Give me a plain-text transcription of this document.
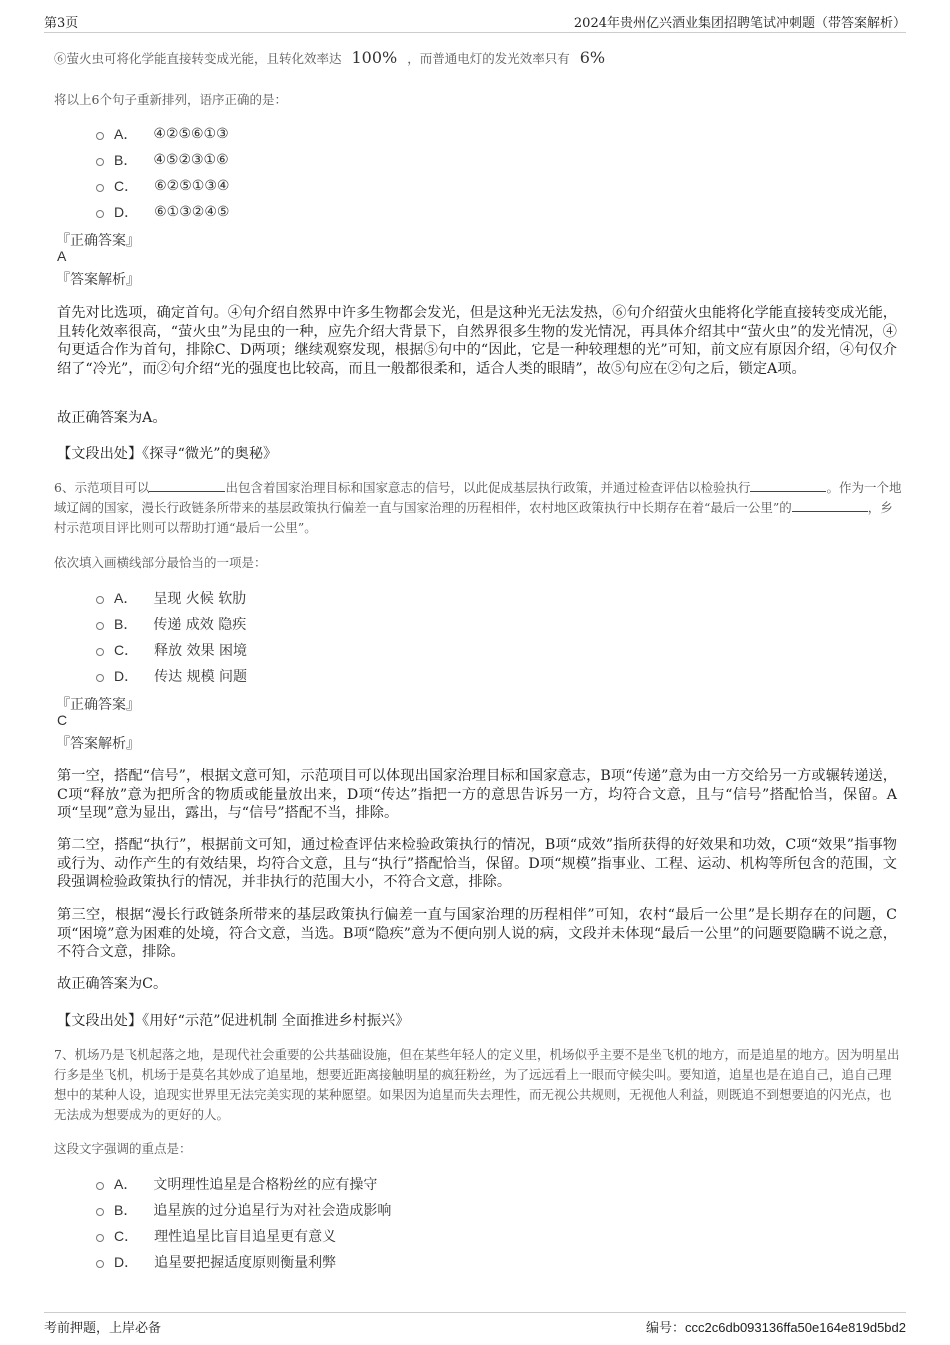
第3页	2024年贵州亿兴酒业集团招聘笔试冲刺题（带答案解析）
⑥萤火虫可将化学能直接转变成光能，且转化效率达 100% ，而普通电灯的发光效率只有 6%
将以上6个句子重新排列，语序正确的是：
A． ④②⑤⑥①③
B． ④⑤②③①⑥
C． ⑥②⑤①③④
D． ⑥①③②④⑤
『正确答案』
A
『答案解析』
首先对比选项，确定首句。④句介绍自然界中许多生物都会发光，但是这种光无法发热，⑥句介绍萤火虫能将化学能直接转变成光能，且转化效率很高，“萤火虫”为昆虫的一种，应先介绍大背景下，自然界很多生物的发光情况，再具体介绍其中“萤火虫”的发光情况，④句更适合作为首句，排除C、D两项；继续观察发现，根据⑤句中的“因此，它是一种较理想的光”可知，前文应有原因介绍，④句仅介绍了“冷光”，而②句介绍“光的强度也比较高，而且一般都很柔和，适合人类的眼睛”，故⑤句应在②句之后，锁定A项。
故正确答案为A。
【文段出处】《探寻“微光”的奥秘》
6、示范项目可以	出包含着国家治理目标和国家意志的信号，以此促成基层执行政策，并通过检查评估以检验执行	。作为一个地域辽阔的国家，漫长行政链条所带来的基层政策执行偏差一直与国家治理的历程相伴，农村地区政策执行中长期存在着“最后一公里”的	，乡村示范项目评比则可以帮助打通“最后一公里”。
依次填入画横线部分最恰当的一项是：
A． 呈现 火候 软肋
B． 传递 成效 隐疾
C． 释放 效果 困境
D． 传达 规模 问题
『正确答案』
C
『答案解析』
第一空，搭配“信号”，根据文意可知，示范项目可以体现出国家治理目标和国家意志，B项“传递”意为由一方交给另一方或辗转递送，C项“释放”意为把所含的物质或能量放出来，D项“传达”指把一方的意思告诉另一方，均符合文意，且与“信号”搭配恰当，保留。A项“呈现”意为显出，露出，与“信号”搭配不当，排除。
第二空，搭配“执行”，根据前文可知，通过检查评估来检验政策执行的情况，B项“成效”指所获得的好效果和功效，C项“效果”指事物或行为、动作产生的有效结果，均符合文意，且与“执行”搭配恰当，保留。D项“规模”指事业、工程、运动、机构等所包含的范围，文段强调检验政策执行的情况，并非执行的范围大小，不符合文意，排除。
第三空，根据“漫长行政链条所带来的基层政策执行偏差一直与国家治理的历程相伴”可知，农村“最后一公里”是长期存在的问题，C项“困境”意为困难的处境，符合文意，当选。B项“隐疾”意为不便向别人说的病，文段并未体现“最后一公里”的问题要隐瞒不说之意，不符合文意，排除。
故正确答案为C。
【文段出处】《用好“示范”促进机制 全面推进乡村振兴》
7、机场乃是飞机起落之地，是现代社会重要的公共基础设施，但在某些年轻人的定义里，机场似乎主要不是坐飞机的地方，而是追星的地方。因为明星出行多是坐飞机，机场于是莫名其妙成了追星地，想要近距离接触明星的疯狂粉丝，为了远远看上一眼而守候尖叫。要知道，追星也是在追自己，追自己理想中的某种人设，追现实世界里无法完美实现的某种愿望。如果因为追星而失去理性，而无视公共规则，无视他人利益，则既追不到想要追的闪光点，也无法成为想要成为的更好的人。
这段文字强调的重点是：
A． 文明理性追星是合格粉丝的应有操守
B． 追星族的过分追星行为对社会造成影响
C． 理性追星比盲目追星更有意义
D． 追星要把握适度原则衡量利弊
考前押题，上岸必备	编号：ccc2c6db093136ffa50e164e819d5bd2
